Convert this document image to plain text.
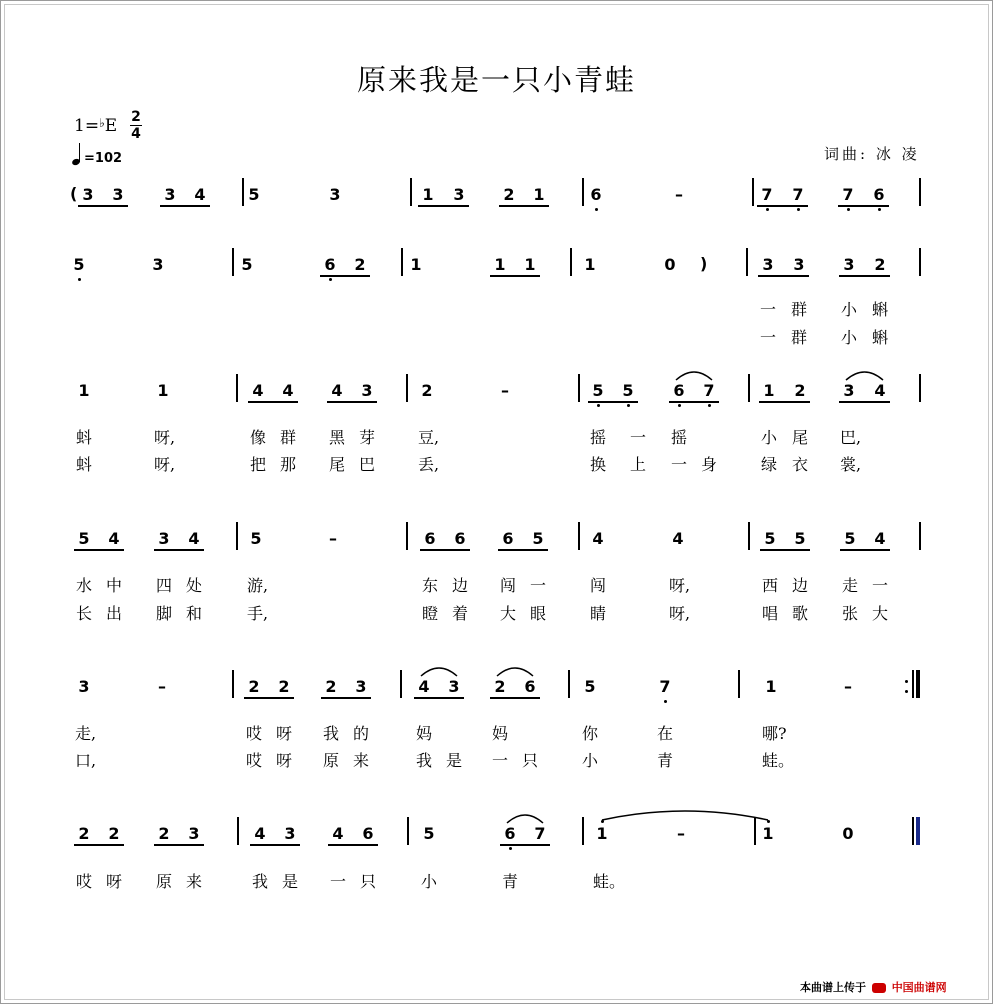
原来我是一只小青蛙
1=♭E 2
4
=102	词曲: 冰 凌
3 3	3 4	5	3	1 3 2 1	6	–	7 7 7 6
(
5	3	5	6 2	1	1 1	1	0	3 3 3 2
)
一 群 小 蝌
一 群 小 蝌
1	1	4 4 4 3	2	–	5 5 6 7	1 2 3 4
蚪	呀,	像 群 黑 芽	豆,	摇 一 摇	小 尾 巴,
蚪	呀,	把 那 尾 巴	丢,	换 上 一 身	绿 衣 裳,
5 4 3 4	5	–	6 6 6 5	4	4	5 5 5 4
水 中 四 处	游,	东 边 闯 一	闯	呀,	西 边 走 一
长 出 脚 和	手,	瞪 着 大 眼	睛	呀,	唱 歌 张 大
3	–	2 2 2 3	4 3 2 6	5	7	1	–
走,	哎 呀 我 的	妈	妈	你	在	哪?
口,	哎 呀 原 来	我 是 一 只	小	青	蛙。
2 2 2 3	4 3 4 6	5	6 7	1	–	1	0
哎 呀 原 来	我 是 一 只	小	青	蛙。
本曲谱上传于 中国曲谱网
